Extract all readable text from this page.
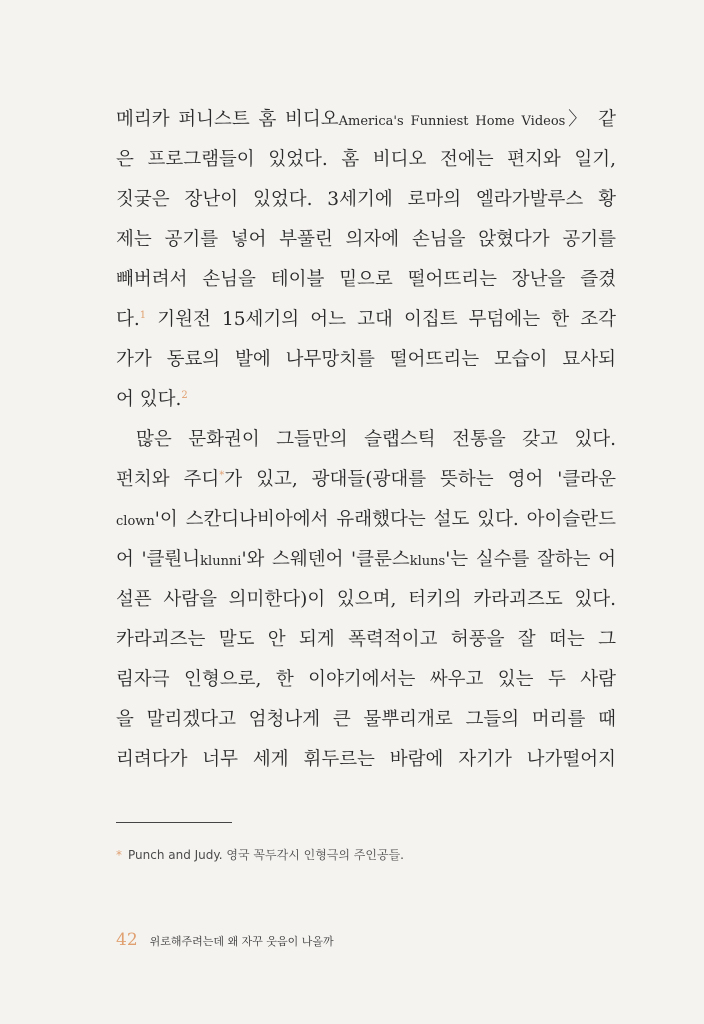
메리카 퍼니스트 홈 비디오America's Funniest Home Videos〉 같
은 프로그램들이 있었다. 홈 비디오 전에는 편지와 일기,
짓궂은 장난이 있었다. 3세기에 로마의 엘라가발루스 황
제는 공기를 넣어 부풀린 의자에 손님을 앉혔다가 공기를
빼버려서 손님을 테이블 밑으로 떨어뜨리는 장난을 즐겼
다.$^1$ 기원전 15세기의 어느 고대 이집트 무덤에는 한 조각
가가 동료의 발에 나무망치를 떨어뜨리는 모습이 묘사되
어 있다.$^2$
많은 문화권이 그들만의 슬랩스틱 전통을 갖고 있다.
펀치와 주디*가 있고, 광대들(광대를 뜻하는 영어 '클라운
clown'이 스칸디나비아에서 유래했다는 설도 있다. 아이슬란드
어 '클뤈니klunni'와 스웨덴어 '클룬스kluns'는 실수를 잘하는 어
설픈 사람을 의미한다)이 있으며, 터키의 카라괴즈도 있다.
카라괴즈는 말도 안 되게 폭력적이고 허풍을 잘 떠는 그
림자극 인형으로, 한 이야기에서는 싸우고 있는 두 사람
을 말리겠다고 엄청나게 큰 물뿌리개로 그들의 머리를 때
리려다가 너무 세게 휘두르는 바람에 자기가 나가떨어지
* Punch and Judy. 영국 꼭두각시 인형극의 주인공들.
42 위로해주려는데 왜 자꾸 웃음이 나올까
